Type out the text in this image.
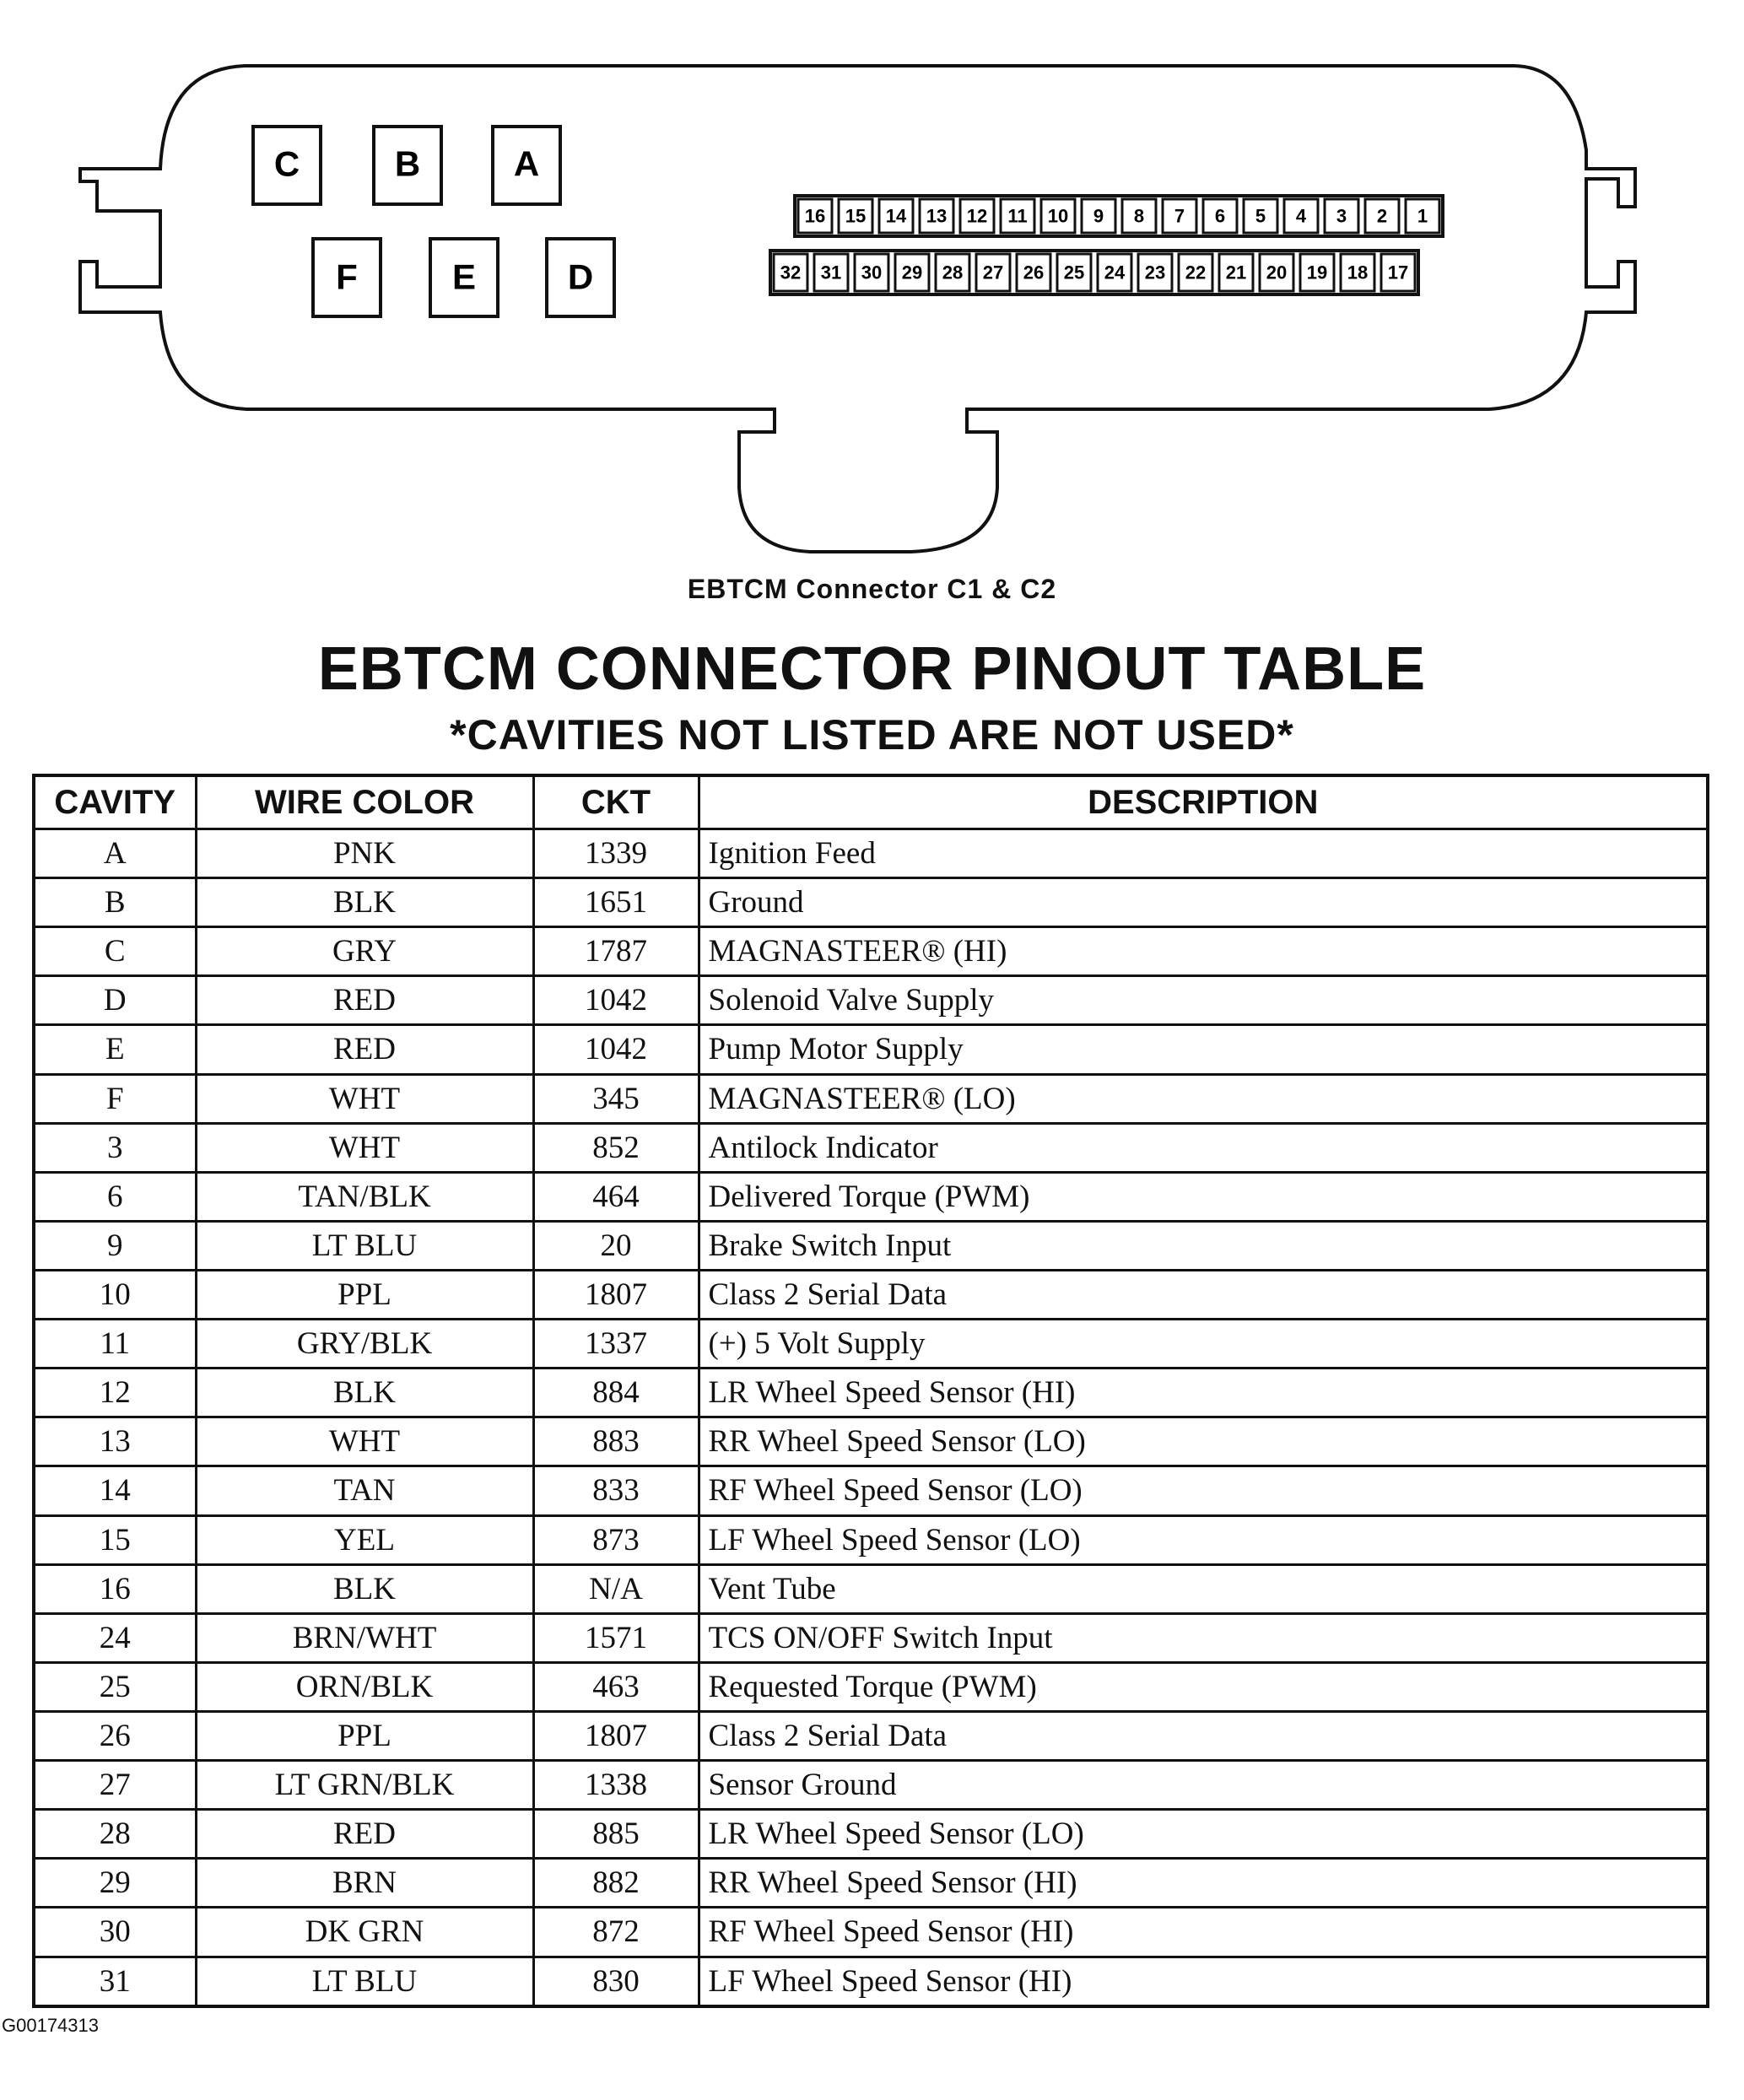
C	B	A
F	E	D
16 15 14 13 12 11 10 9 8 7 6 5 4 3 2 1
32 31 30 29 28 27 26 25 24 23 22 21 20 19 18 17
EBTCM Connector C1 & C2
EBTCM CONNECTOR PINOUT TABLE
*CAVITIES NOT LISTED ARE NOT USED*
CAVITY	WIRE COLOR	CKT	DESCRIPTION
A	PNK	1339	Ignition Feed
B	BLK	1651	Ground
C	GRY	1787	MAGNASTEER® (HI)
D	RED	1042	Solenoid Valve Supply
E	RED	1042	Pump Motor Supply
F	WHT	345	MAGNASTEER® (LO)
3	WHT	852	Antilock Indicator
6	TAN/BLK	464	Delivered Torque (PWM)
9	LT BLU	20	Brake Switch Input
10	PPL	1807	Class 2 Serial Data
11	GRY/BLK	1337	(+) 5 Volt Supply
12	BLK	884	LR Wheel Speed Sensor (HI)
13	WHT	883	RR Wheel Speed Sensor (LO)
14	TAN	833	RF Wheel Speed Sensor (LO)
15	YEL	873	LF Wheel Speed Sensor (LO)
16	BLK	N/A	Vent Tube
24	BRN/WHT	1571	TCS ON/OFF Switch Input
25	ORN/BLK	463	Requested Torque (PWM)
26	PPL	1807	Class 2 Serial Data
27	LT GRN/BLK	1338	Sensor Ground
28	RED	885	LR Wheel Speed Sensor (LO)
29	BRN	882	RR Wheel Speed Sensor (HI)
30	DK GRN	872	RF Wheel Speed Sensor (HI)
31	LT BLU	830	LF Wheel Speed Sensor (HI)
G00174313
